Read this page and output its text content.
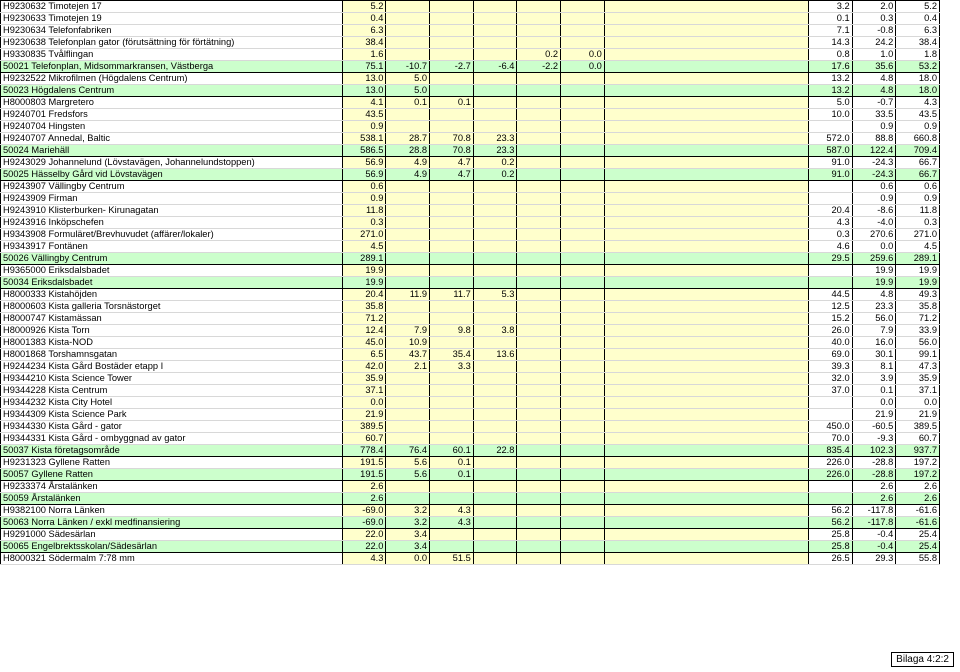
H9230632 Timotejen 17	5.2							3.2	2.0	5.2
H9230633 Timotejen 19	0.4							0.1	0.3	0.4
H9230634 Telefonfabriken	6.3							7.1	-0.8	6.3
H9230638 Telefonplan gator (förutsättning för förtätning)	38.4							14.3	24.2	38.4
H9330835 Tvålflingan	1.6				0.2	0.0		0.8	1.0	1.8
50021 Telefonplan, Midsommarkransen, Västberga	75.1	-10.7	-2.7	-6.4	-2.2	0.0		17.6	35.6	53.2
H9232522 Mikrofilmen (Högdalens Centrum)	13.0	5.0						13.2	4.8	18.0
50023 Högdalens Centrum	13.0	5.0						13.2	4.8	18.0
H8000803 Margretero	4.1	0.1	0.1					5.0	-0.7	4.3
H9240701 Fredsfors	43.5							10.0	33.5	43.5
H9240704 Hingsten	0.9								0.9	0.9
H9240707 Annedal, Baltic	538.1	28.7	70.8	23.3				572.0	88.8	660.8
50024 Mariehäll	586.5	28.8	70.8	23.3				587.0	122.4	709.4
H9243029 Johannelund (Lövstavägen, Johannelundstoppen)	56.9	4.9	4.7	0.2				91.0	-24.3	66.7
50025 Hässelby Gård vid Lövstavägen	56.9	4.9	4.7	0.2				91.0	-24.3	66.7
H9243907 Vällingby Centrum	0.6								0.6	0.6
H9243909 Firman	0.9								0.9	0.9
H9243910 Klisterburken- Kirunagatan	11.8							20.4	-8.6	11.8
H9243916 Inköpschefen	0.3							4.3	-4.0	0.3
H9343908 Formuläret/Brevhuvudet (affärer/lokaler)	271.0							0.3	270.6	271.0
H9343917 Fontänen	4.5							4.6	0.0	4.5
50026 Vällingby Centrum	289.1							29.5	259.6	289.1
H9365000 Eriksdalsbadet	19.9								19.9	19.9
50034 Eriksdalsbadet	19.9								19.9	19.9
H8000333 Kistahöjden	20.4	11.9	11.7	5.3				44.5	4.8	49.3
H8000603 Kista galleria Torsnästorget	35.8							12.5	23.3	35.8
H8000747 Kistamässan	71.2							15.2	56.0	71.2
H8000926 Kista Torn	12.4	7.9	9.8	3.8				26.0	7.9	33.9
H8001383 Kista-NOD	45.0	10.9						40.0	16.0	56.0
H8001868 Torshamnsgatan	6.5	43.7	35.4	13.6				69.0	30.1	99.1
H9244234 Kista Gård Bostäder etapp I	42.0	2.1	3.3					39.3	8.1	47.3
H9344210 Kista Science Tower	35.9							32.0	3.9	35.9
H9344228 Kista Centrum	37.1							37.0	0.1	37.1
H9344232 Kista City Hotel	0.0								0.0	0.0
H9344309 Kista Science Park	21.9								21.9	21.9
H9344330 Kista Gård - gator	389.5							450.0	-60.5	389.5
H9344331 Kista Gård - ombyggnad av gator	60.7							70.0	-9.3	60.7
50037 Kista företagsområde	778.4	76.4	60.1	22.8				835.4	102.3	937.7
H9231323 Gyllene Ratten	191.5	5.6	0.1					226.0	-28.8	197.2
50057 Gyllene Ratten	191.5	5.6	0.1					226.0	-28.8	197.2
H9233374 Årstalänken	2.6								2.6	2.6
50059 Årstalänken	2.6								2.6	2.6
H9382100 Norra Länken	-69.0	3.2	4.3					56.2	-117.8	-61.6
50063 Norra Länken / exkl medfinansiering	-69.0	3.2	4.3					56.2	-117.8	-61.6
H9291000 Sädesärlan	22.0	3.4						25.8	-0.4	25.4
50065 Engelbrektsskolan/Sädesärlan	22.0	3.4						25.8	-0.4	25.4
H8000321 Södermalm 7:78 mm	4.3	0.0	51.5					26.5	29.3	55.8
Bilaga 4:2:2
